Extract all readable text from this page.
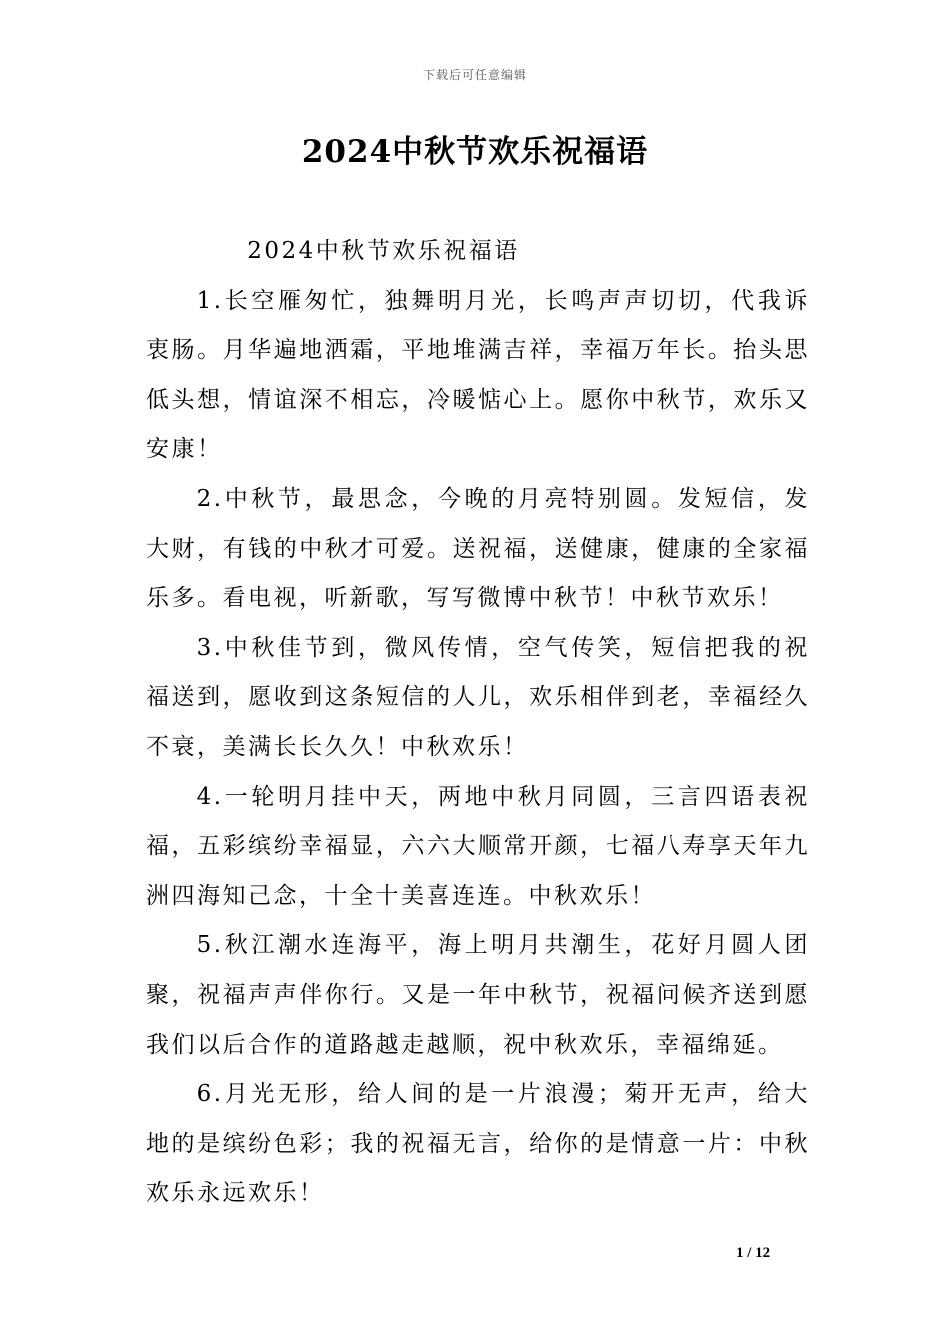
下载后可任意编辑
2024中秋节欢乐祝福语

2024中秋节欢乐祝福语

1.长空雁匆忙，独舞明月光，长鸣声声切切，代我诉衷肠。月华遍地洒霜，平地堆满吉祥，幸福万年长。抬头思低头想，情谊深不相忘，冷暖惦心上。愿你中秋节，欢乐又安康！

2.中秋节，最思念，今晚的月亮特别圆。发短信，发大财，有钱的中秋才可爱。送祝福，送健康，健康的全家福乐多。看电视，听新歌，写写微博中秋节！中秋节欢乐！

3.中秋佳节到，微风传情，空气传笑，短信把我的祝福送到，愿收到这条短信的人儿，欢乐相伴到老，幸福经久不衰，美满长长久久！中秋欢乐！

4.一轮明月挂中天，两地中秋月同圆，三言四语表祝福，五彩缤纷幸福显，六六大顺常开颜，七福八寿享天年九洲四海知己念，十全十美喜连连。中秋欢乐！

5.秋江潮水连海平，海上明月共潮生，花好月圆人团聚，祝福声声伴你行。又是一年中秋节，祝福问候齐送到愿我们以后合作的道路越走越顺，祝中秋欢乐，幸福绵延。

6.月光无形，给人间的是一片浪漫；菊开无声，给大地的是缤纷色彩；我的祝福无言，给你的是情意一片：中秋欢乐永远欢乐！

1 / 12
